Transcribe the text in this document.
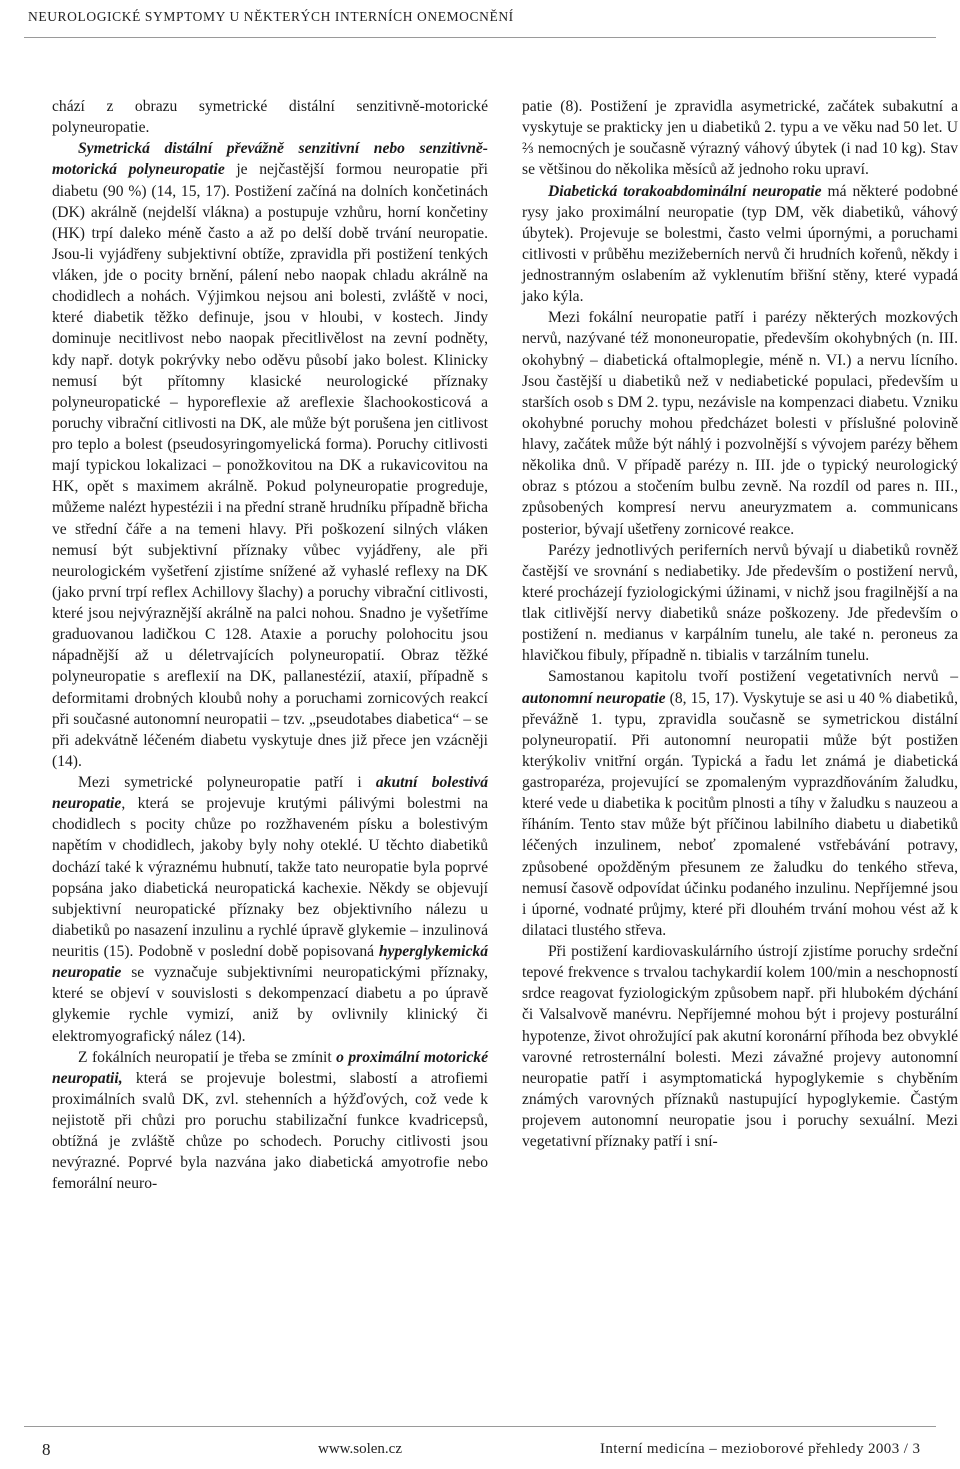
NEUROLOGICKÉ SYMPTOMY U NĚKTERÝCH INTERNÍCH ONEMOCNĚNÍ

chází z obrazu symetrické distální senzitivně-motorické polyneuropatie.

Symetrická distální převážně senzitivní nebo senzitivně-motorická polyneuropatie je nejčastější formou neuropatie při diabetu (90 %) (14, 15, 17). Postižení začíná na dolních končetinách (DK) akrálně (nejdelší vlákna) a postupuje vzhůru, horní končetiny (HK) trpí daleko méně často a až po delší době trvání neuropatie. Jsou-li vyjádřeny subjektivní obtíže, zpravidla při postižení tenkých vláken, jde o pocity brnění, pálení nebo naopak chladu akrálně na chodidlech a nohách. Výjimkou nejsou ani bolesti, zvláště v noci, které diabetik těžko definuje, jsou v hloubi, v kostech. Jindy dominuje necitlivost nebo naopak přecitlivělost na zevní podněty, kdy např. dotyk pokrývky nebo oděvu působí jako bolest. Klinicky nemusí být přítomny klasické neurologické příznaky polyneuropatické – hyporeflexie až areflexie šlachookosticová a poruchy vibrační citlivosti na DK, ale může být porušena jen citlivost pro teplo a bolest (pseudosyringomyelická forma). Poruchy citlivosti mají typickou lokalizaci – ponožkovitou na DK a rukavicovitou na HK, opět s maximem akrálně. Pokud polyneuropatie progreduje, můžeme nalézt hypestézii i na přední straně hrudníku případně břicha ve střední čáře a na temeni hlavy. Při poškození silných vláken nemusí být subjektivní příznaky vůbec vyjádřeny, ale při neurologickém vyšetření zjistíme snížené až vyhaslé reflexy na DK (jako první trpí reflex Achillovy šlachy) a poruchy vibrační citlivosti, které jsou nejvýraznější akrálně na palci nohou. Snadno je vyšetříme graduovanou ladičkou C 128. Ataxie a poruchy polohocitu jsou nápadnější až u déletrvajících polyneuropatií. Obraz těžké polyneuropatie s areflexií na DK, pallanestézií, ataxií, případně s deformitami drobných kloubů nohy a poruchami zornicových reakcí při současné autonomní neuropatii – tzv. „pseudotabes diabetica“ – se při adekvátně léčeném diabetu vyskytuje dnes již přece jen vzácněji (14).

Mezi symetrické polyneuropatie patří i akutní bolestivá neuropatie, která se projevuje krutými pálivými bolestmi na chodidlech s pocity chůze po rozžhaveném písku a bolestivým napětím v chodidlech, jakoby byly nohy oteklé. U těchto diabetiků dochází také k výraznému hubnutí, takže tato neuropatie byla poprvé popsána jako diabetická neuropatická kachexie. Někdy se objevují subjektivní neuropatické příznaky bez objektivního nálezu u diabetiků po nasazení inzulinu a rychlé úpravě glykemie – inzulinová neuritis (15). Podobně v poslední době popisovaná hyperglykemická neuropatie se vyznačuje subjektivními neuropatickými příznaky, které se objeví v souvislosti s dekompenzací diabetu a po úpravě glykemie rychle vymizí, aniž by ovlivnily klinický či elektromyografický nález (14).

Z fokálních neuropatií je třeba se zmínit o proximální motorické neuropatii, která se projevuje bolestmi, slabostí a atrofiemi proximálních svalů DK, zvl. stehenních a hýžďových, což vede k nejistotě při chůzi pro poruchu stabilizační funkce kvadricepsů, obtížná je zvláště chůze po schodech. Poruchy citlivosti jsou nevýrazné. Poprvé byla nazvána jako diabetická amyotrofie nebo femorální neuro-

patie (8). Postižení je zpravidla asymetrické, začátek subakutní a vyskytuje se prakticky jen u diabetiků 2. typu a ve věku nad 50 let. U ⅔ nemocných je současně výrazný váhový úbytek (i nad 10 kg). Stav se většinou do několika měsíců až jednoho roku upraví.

Diabetická torakoabdominální neuropatie má některé podobné rysy jako proximální neuropatie (typ DM, věk diabetiků, váhový úbytek). Projevuje se bolestmi, často velmi úpornými, a poruchami citlivosti v průběhu mezižeberních nervů či hrudních kořenů, někdy i jednostranným oslabením až vyklenutím břišní stěny, které vypadá jako kýla.

Mezi fokální neuropatie patří i parézy některých mozkových nervů, nazývané též mononeuropatie, především okohybných (n. III. okohybný – diabetická oftalmoplegie, méně n. VI.) a nervu lícního. Jsou častější u diabetiků než v nediabetické populaci, především u starších osob s DM 2. typu, nezávisle na kompenzaci diabetu. Vzniku okohybné poruchy mohou předcházet bolesti v příslušné polovině hlavy, začátek může být náhlý i pozvolnější s vývojem parézy během několika dnů. V případě parézy n. III. jde o typický neurologický obraz s ptózou a stočením bulbu zevně. Na rozdíl od pares n. III., způsobených kompresí nervu aneuryzmatem a. communicans posterior, bývají ušetřeny zornicové reakce.

Parézy jednotlivých periferních nervů bývají u diabetiků rovněž častější ve srovnání s nediabetiky. Jde především o postižení nervů, které procházejí fyziologickými úžinami, v nichž jsou fragilnější a na tlak citlivější nervy diabetiků snáze poškozeny. Jde především o postižení n. medianus v karpálním tunelu, ale také n. peroneus za hlavičkou fibuly, případně n. tibialis v tarzálním tunelu.

Samostanou kapitolu tvoří postižení vegetativních nervů – autonomní neuropatie (8, 15, 17). Vyskytuje se asi u 40 % diabetiků, převážně 1. typu, zpravidla současně se symetrickou distální polyneuropatií. Při autonomní neuropatii může být postižen kterýkoliv vnitřní orgán. Typická a řadu let známá je diabetická gastroparéza, projevující se zpomaleným vyprazdňováním žaludku, které vede u diabetika k pocitům plnosti a tíhy v žaludku s nauzeou a říháním. Tento stav může být příčinou labilního diabetu u diabetiků léčených inzulinem, neboť zpomalené vstřebávání potravy, způsobené opožděným přesunem ze žaludku do tenkého střeva, nemusí časově odpovídat účinku podaného inzulinu. Nepříjemné jsou i úporné, vodnaté průjmy, které při dlouhém trvání mohou vést až k dilataci tlustého střeva.

Při postižení kardiovaskulárního ústrojí zjistíme poruchy srdeční tepové frekvence s trvalou tachykardií kolem 100/min a neschopností srdce reagovat fyziologickým způsobem např. při hlubokém dýchání či Valsalvově manévru. Nepříjemné mohou být i projevy posturální hypotenze, život ohrožující pak akutní koronární příhoda bez obvyklé varovné retrosternální bolesti. Mezi závažné projevy autonomní neuropatie patří i asymptomatická hypoglykemie s chyběním známých varovných příznaků nastupující hypoglykemie. Častým projevem autonomní neuropatie jsou i poruchy sexuální. Mezi vegetativní příznaky patří i sní-

8	www.solen.cz	Interní medicína – mezioborové přehledy 2003 / 3
